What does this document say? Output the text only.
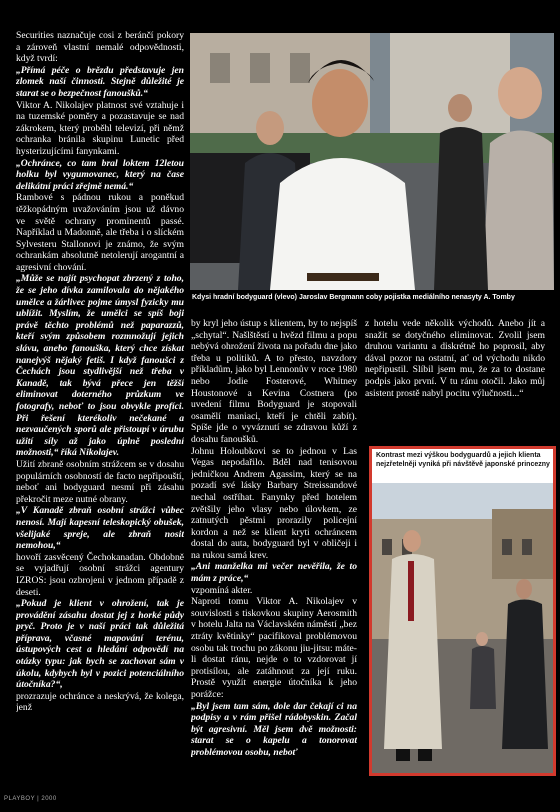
Securities naznačuje cosi z beránčí pokory a zároveň vlastní nemalé odpovědnosti, když tvrdí:

„Přímá péče o brězdu představuje jen zlomek naší činnosti. Stejně důležité je starat se o bezpečnost fanoušků.“

Viktor A. Nikolajev platnost své vztahuje i na tuzemské poměry a pozastavuje se nad zákrokem, který proběhl televizí, při němž ochranka bránila skupinu Lunetic před hysterizujícími fanynkami.

„Ochránce, co tam bral loktem 12letou holku byl vygumovanec, který na čase delikátní práci zřejmě nemá.“

Rambové s pádnou rukou a poněkud těžkopádným uvažováním jsou už dávno ve světě ochrany prominentů passé. Například u Madonně, ale třeba i o slíckém Sylvesteru Stallonovi je známo, že svým ochrankám absolutně netolerují arogantní a agresivní chování.

„Může se najít psychopat zbrzený z toho, že se jeho dívka zamilovala do nějakého umělce a žárlivec pojme úmysl fyzicky mu ublížit. Myslím, že umělci se spíš boji právě těchto problémů než paparazzů, kteří svým způsobem rozmnožují jejich slávu, anebo fanouška, který chce získat nanejvýš nějaký fetiš. I když fanoušci z Čechách jsou stydlivější než třeba v Kanadě, tak bývá přece jen těžší eliminovat doterného průzkum ve fotografy, neboť to jsou obvykle profíci. Při řešení kterékoliv nečekané a nezvaučených sporů ale přistoupí v úrubu užití síly až jako úplně poslední možnosti,“ říká Nikolajev.

Užití zbraně osobním strážcem se v dosahu populárních osobností de facto nepřipouští, neboť ani bodyguard nesmí při zásahu překročit meze nutné obrany.

„V Kanadě zbraň osobní strážci vůbec nenosí. Mají kapesní teleskopický obušek, všelijaké spreje, ale zbraň nosit nemohou,“

hovoří zasvěcený Čechokanadan. Obdobně se vyjadřují osobní strážci agentury IZROS: jsou ozbrojeni v jednom případě z deseti.

„Pokud je klient v ohrožení, tak je provádění zásahu dostat jej z horké půdy pryč. Proto je v naší práci tak důležitá příprava, včasné mapování terénu, ústupových cest a hledání odpovědí na otázky typu: jak bych se zachovat sám v úkolu, kdybych byl v pozici potenciálního útočníka?“,

prozrazuje ochránce a neskrývá, že kolega, jenž

Kdysi hradní bodyguard (vlevo) Jaroslav Bergmann coby pojistka mediálního nenasyty A. Tomby

by kryl jeho ústup s klientem, by to nejspíš „schytal“. Našlštěstí u hvězd filmu a popu nebývá ohrožení života na pořadu dne jako třeba u politiků. A to přesto, navzdory příkladům, jako byl Lennonův v roce 1980 nebo Jodie Fosterové, Whitney Houstonové a Kevina Costnera (po uvedení filmu Bodyguard je stopovali osamělí maniaci, kteří je chtěli zabít). Spíše jde o vyváznutí se zdravou kůží z dosahu fanoušků.

Johnu Holoubkovi se to jednou v Las Vegas nepodařilo. Bděl nad tenisovou jedničkou Andrem Agassim, který se na pozadí své lásky Barbary Streissandové nechal ostříhat. Fanynky před hotelem zvětšily jeho vlasy nebo úlovkem, ze zatnutých pěstmi prorazily policejní kordon a než se klient kryti ochráncem dostal do auta, bodyguard byl v obličeji i na rukou samá krev.

„Ani manželka mi večer nevěřila, že to mám z práce,“

vzpomíná akter.

Naproti tomu Viktor A. Nikolajev v souvislosti s tiskovkou skupiny Aerosmith v hotelu Jalta na Václavském náměstí „bez ztráty květinky“ pacifikoval problémovou osobu tak trochu po zákonu jiu-jitsu: máte-li dostat ránu, nejde o to vzdorovat jí protisílou, ale zatáhnout za její ruku. Prostě využít energie útočníka k jeho porážce:

„Byl jsem tam sám, dole dar čekají ci na podpisy a v rám přišel rádobyskin. Začal být agresivní. Měl jsem dvě možnosti: starat se o kapelu a tonorovat problémovou osobu, neboť

z hotelu vede několik východů. Anebo jít a snažit se dotyčného eliminovat. Zvolil jsem druhou variantu a diskrétně ho poprosil, aby dával pozor na ostatní, ať od východu nikdo nepřipustil. Slíbil jsem mu, že za to dostane podpis jako první. V tu ránu otočil. Jako můj asistent prostě nabyl pocitu výlučnosti...“

Kontrast mezi výškou bodyguardů a jejich klienta nejzřetelněji vyniká při návštěvě japonské princezny
PLAYBOY | 2000
